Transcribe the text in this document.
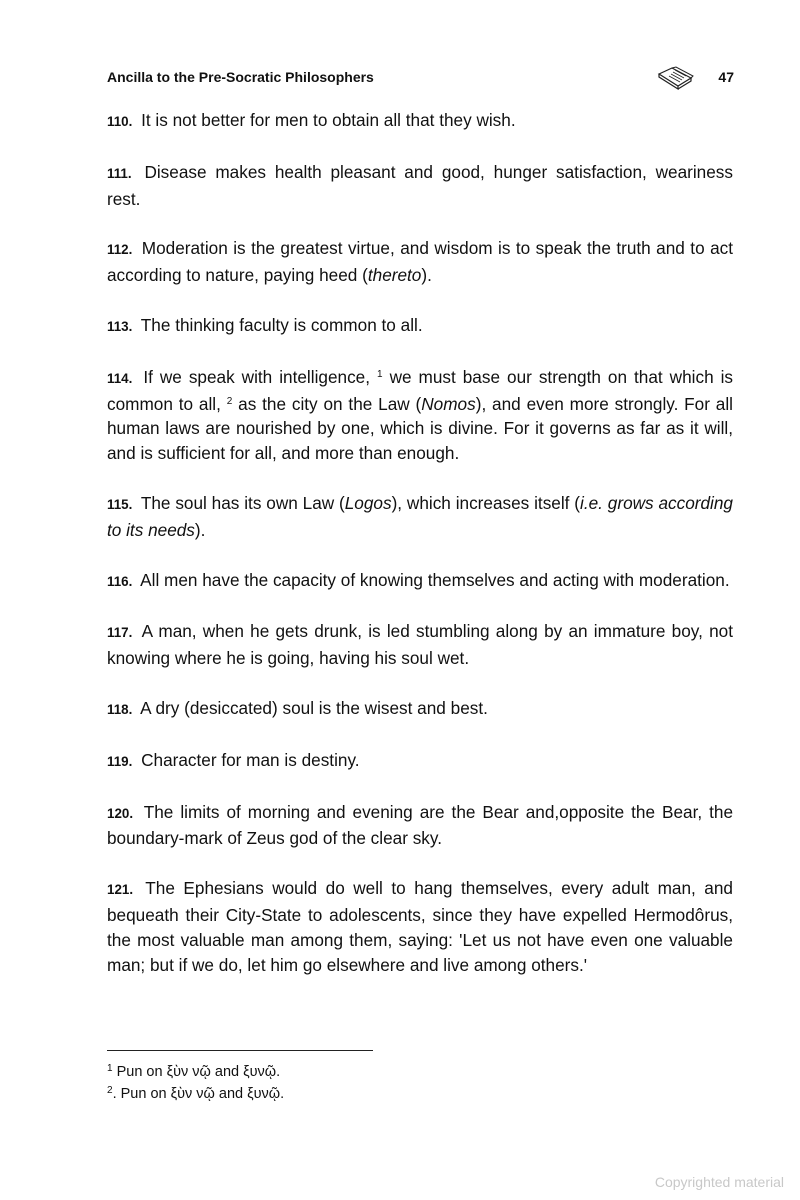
Ancilla to the Pre-Socratic Philosophers	47

110. It is not better for men to obtain all that they wish.

111. Disease makes health pleasant and good, hunger satisfaction, weariness rest.

112. Moderation is the greatest virtue, and wisdom is to speak the truth and to act according to nature, paying heed (thereto).

113. The thinking faculty is common to all.

114. If we speak with intelligence, $^1$ we must base our strength on that which is common to all, $^2$ as the city on the Law (Nomos), and even more strongly. For all human laws are nourished by one, which is divine. For it governs as far as it will, and is sufficient for all, and more than enough.

115. The soul has its own Law (Logos), which increases itself (i.e. grows according to its needs).

116. All men have the capacity of knowing themselves and acting with moderation.

117. A man, when he gets drunk, is led stumbling along by an immature boy, not knowing where he is going, having his soul wet.

118. A dry (desiccated) soul is the wisest and best.

119. Character for man is destiny.

120. The limits of morning and evening are the Bear and,opposite the Bear, the boundary-mark of Zeus god of the clear sky.

121. The Ephesians would do well to hang themselves, every adult man, and bequeath their City-State to adolescents, since they have expelled Hermodôrus, the most valuable man among them, saying: 'Let us not have even one valuable man; but if we do, let him go elsewhere and live among others.'

$^1$ Pun on ξὺν νῷ and ξυνῷ.
$^2$. Pun on ξὺν νῷ and ξυνῷ.
Copyrighted material
